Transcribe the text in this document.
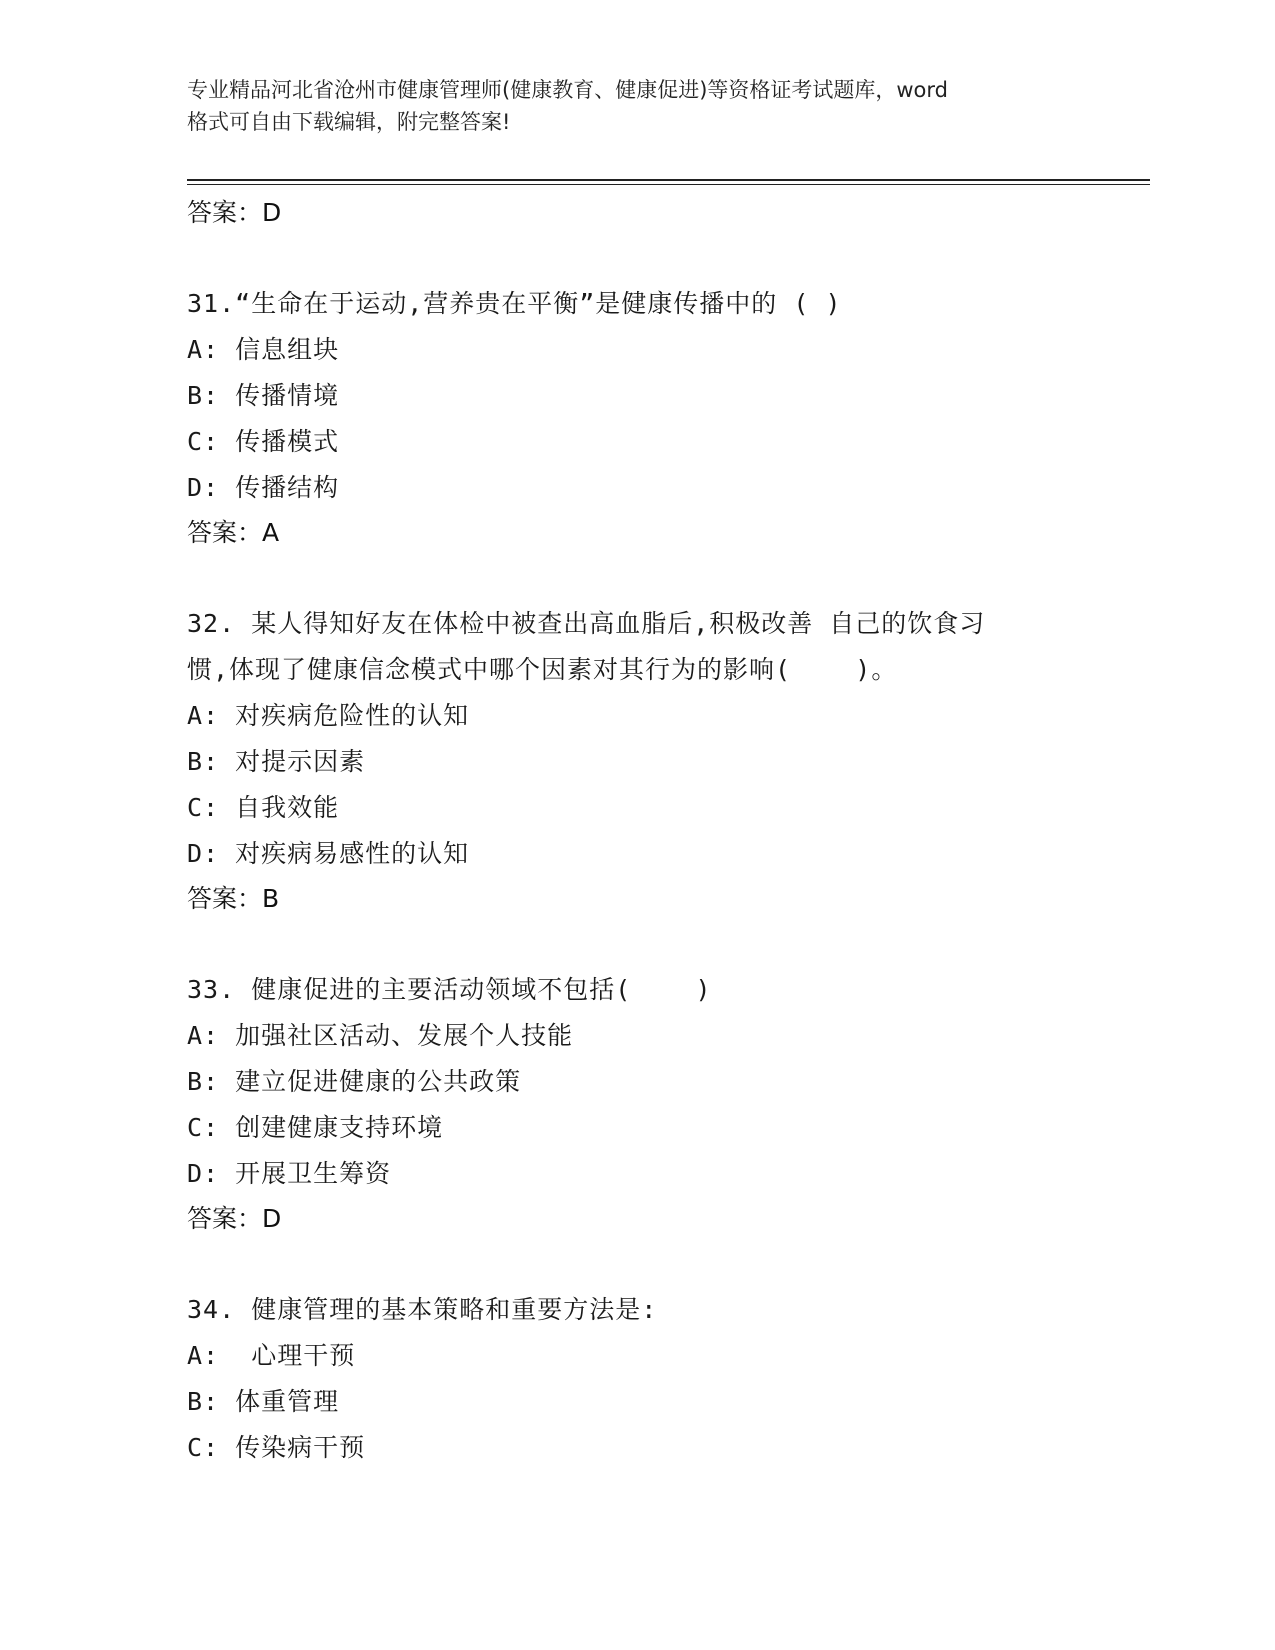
专业精品河北省沧州市健康管理师(健康教育、健康促进)等资格证考试题库，word
格式可自由下载编辑，附完整答案!
答案：D
31.“生命在于运动,营养贵在平衡”是健康传播中的 ( )
A: 信息组块
B: 传播情境
C: 传播模式
D: 传播结构
答案：A
32. 某人得知好友在体检中被查出高血脂后,积极改善 自己的饮食习
惯,体现了健康信念模式中哪个因素对其行为的影响(    )。
A: 对疾病危险性的认知
B: 对提示因素
C: 自我效能
D: 对疾病易感性的认知
答案：B
33. 健康促进的主要活动领域不包括(    )
A: 加强社区活动、发展个人技能
B: 建立促进健康的公共政策
C: 创建健康支持环境
D: 开展卫生筹资
答案：D
34. 健康管理的基本策略和重要方法是:
A:  心理干预
B: 体重管理
C: 传染病干预
